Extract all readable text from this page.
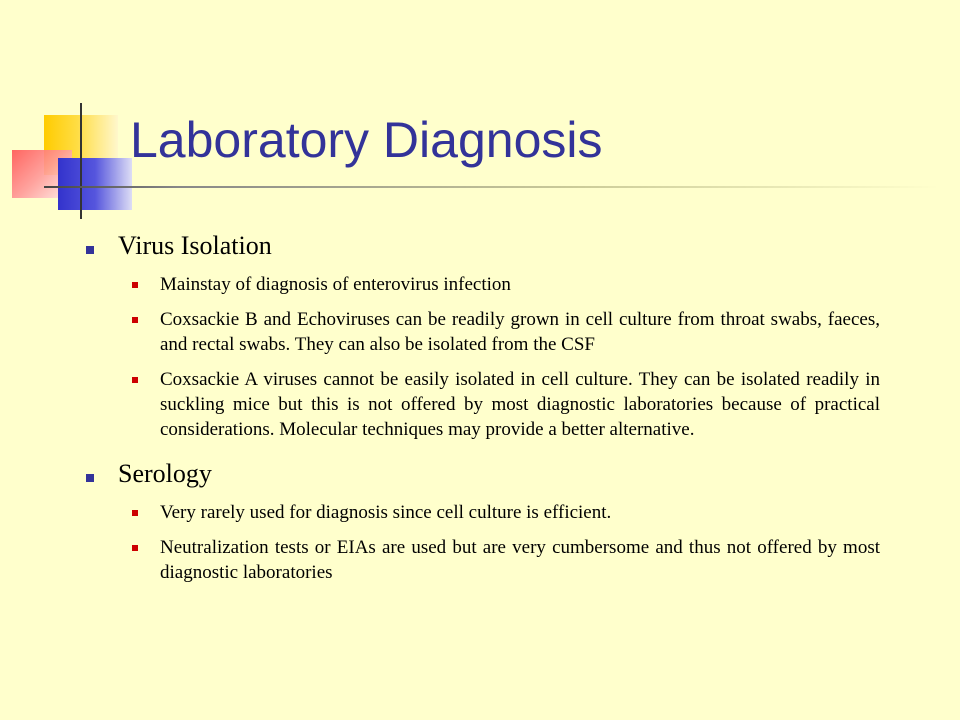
Laboratory Diagnosis
Virus Isolation
Mainstay of diagnosis of enterovirus infection
Coxsackie B and Echoviruses can be readily grown in cell culture from throat swabs, faeces, and rectal swabs. They can also be isolated from the CSF
Coxsackie A viruses cannot be easily isolated in cell culture. They can be isolated readily in suckling mice but this is not offered by most diagnostic laboratories because of practical considerations. Molecular techniques may provide a better alternative.
Serology
Very rarely used for diagnosis since cell culture is efficient.
Neutralization tests or EIAs are used but are very cumbersome and thus not offered by most diagnostic laboratories
